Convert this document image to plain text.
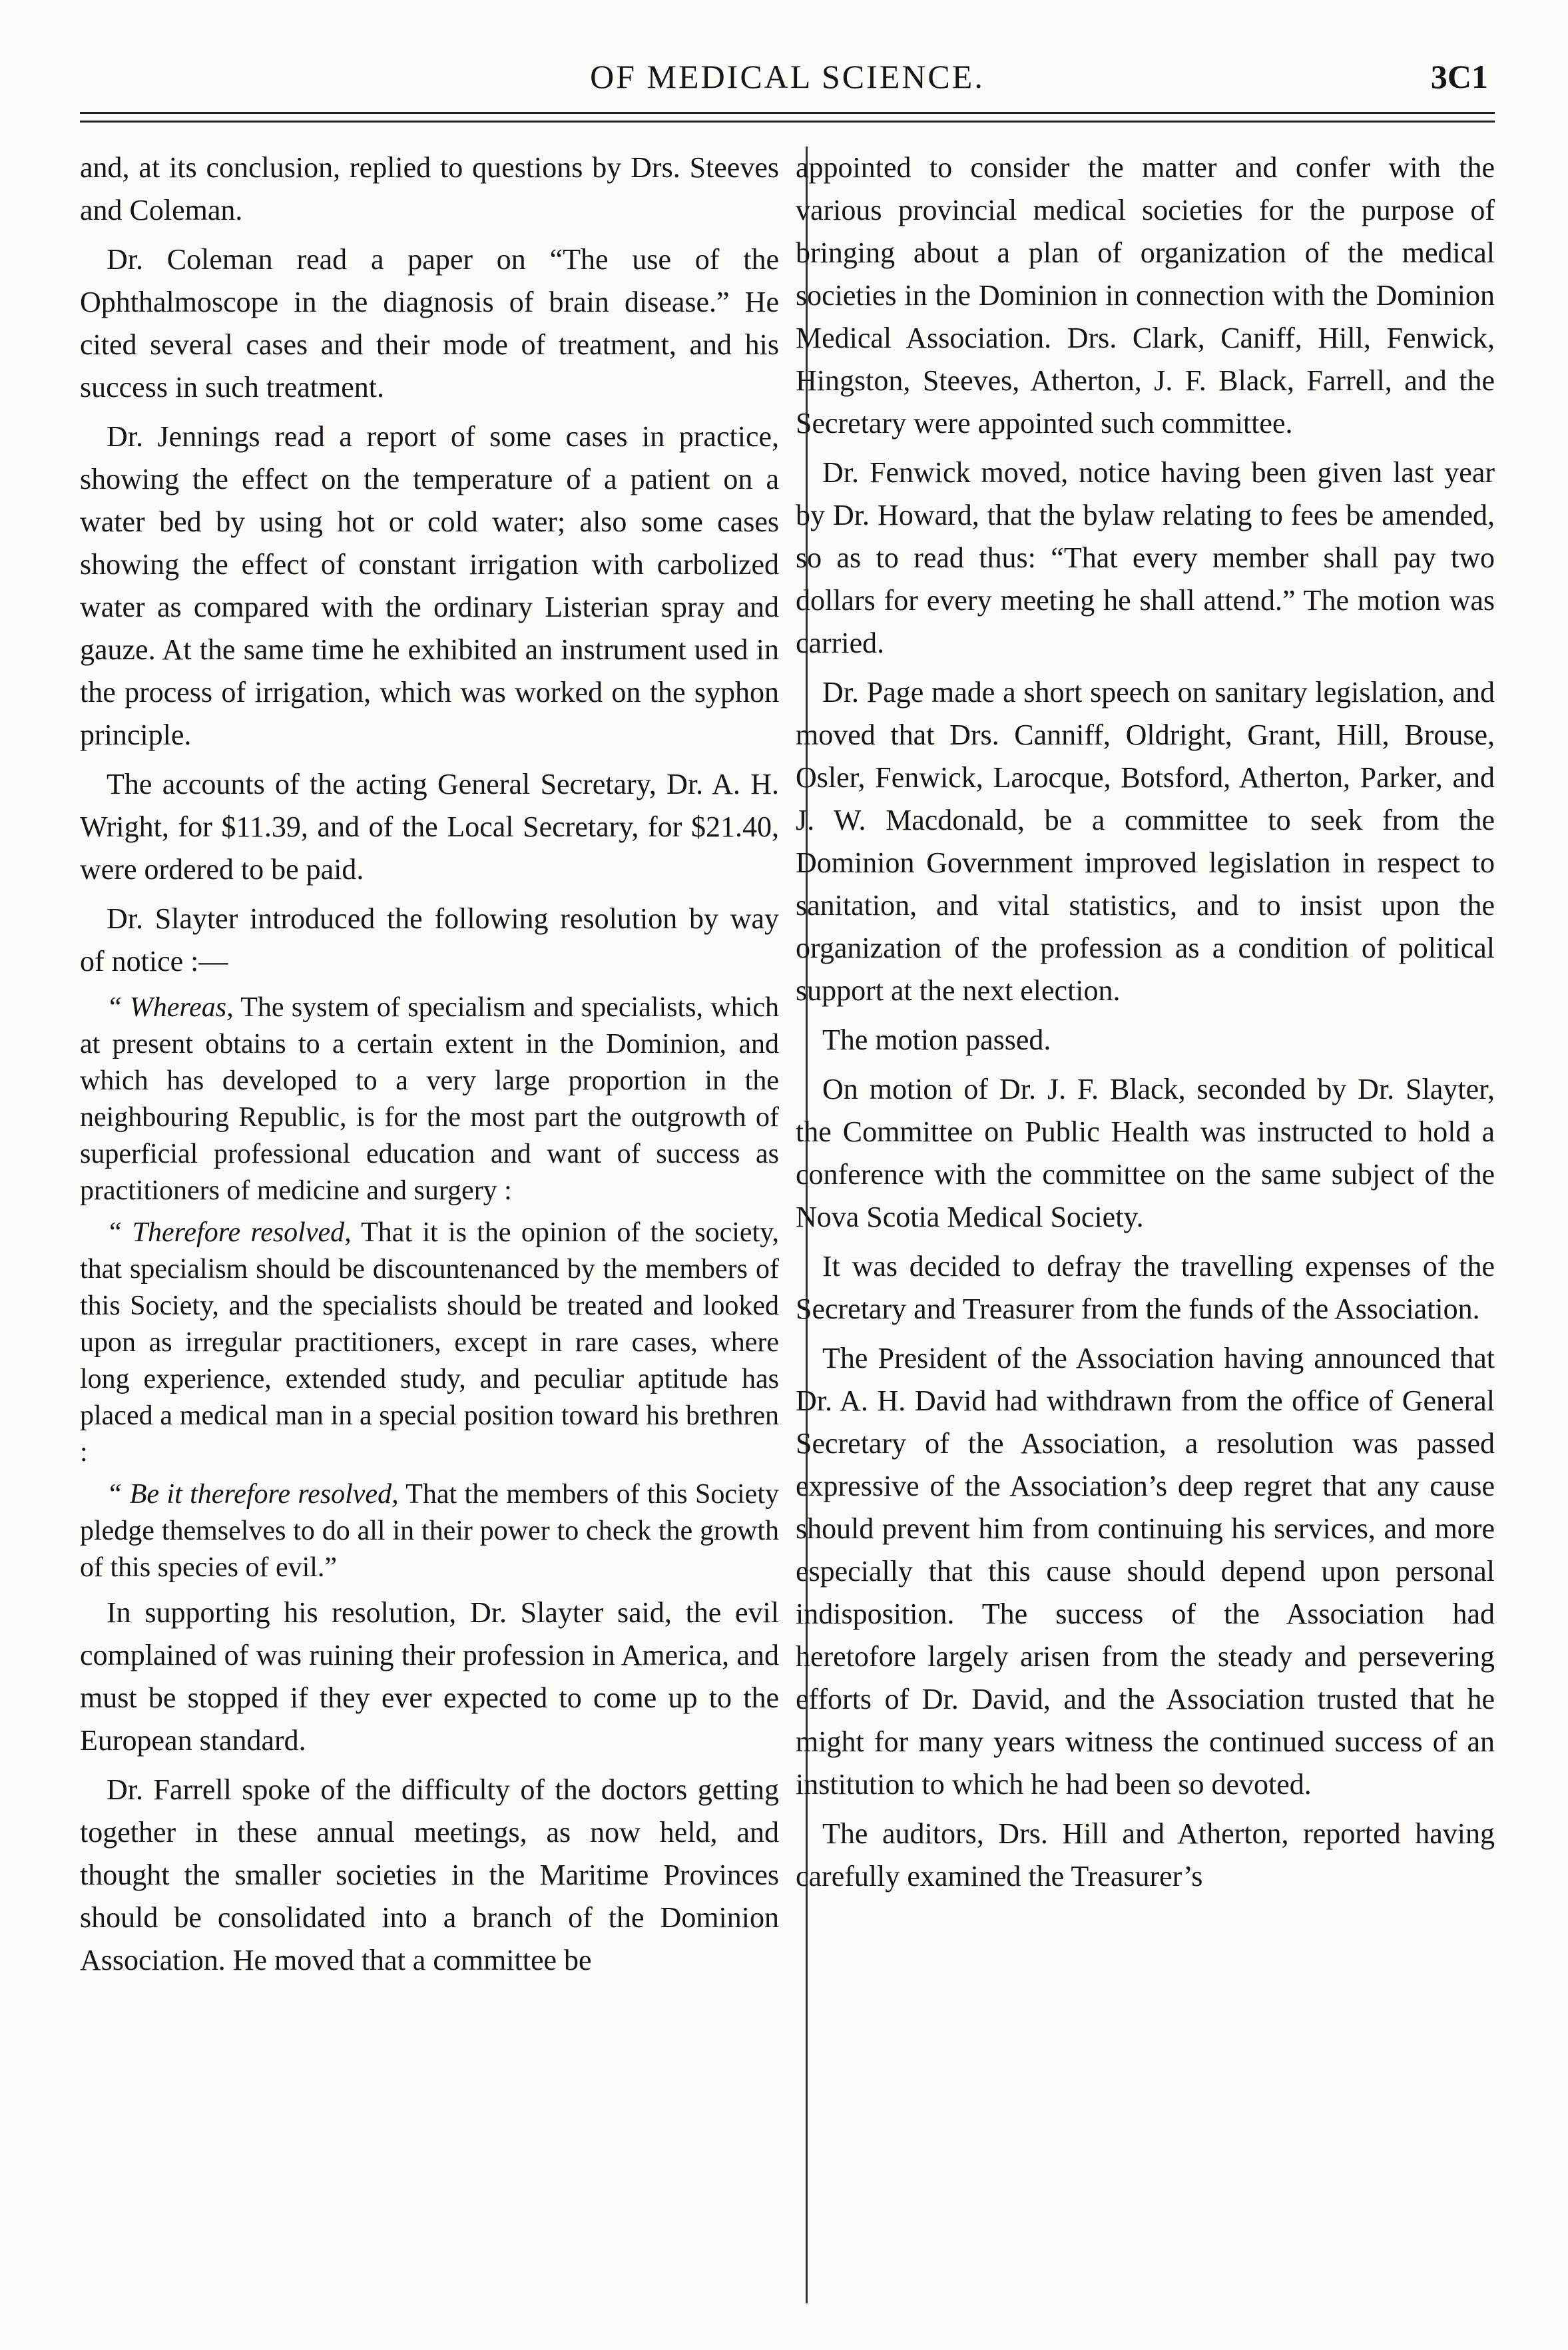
OF MEDICAL SCIENCE.	3C1

and, at its conclusion, replied to questions by Drs. Steeves and Coleman.

Dr. Coleman read a paper on “The use of the Ophthalmoscope in the diagnosis of brain disease.” He cited several cases and their mode of treatment, and his success in such treatment.

Dr. Jennings read a report of some cases in practice, showing the effect on the temperature of a patient on a water bed by using hot or cold water; also some cases showing the effect of constant irrigation with carbolized water as compared with the ordinary Listerian spray and gauze. At the same time he exhibited an instrument used in the process of irrigation, which was worked on the syphon principle.

The accounts of the acting General Secretary, Dr. A. H. Wright, for $11.39, and of the Local Secretary, for $21.40, were ordered to be paid.

Dr. Slayter introduced the following resolution by way of notice :—

“ Whereas, The system of specialism and specialists, which at present obtains to a certain extent in the Dominion, and which has developed to a very large proportion in the neighbouring Republic, is for the most part the outgrowth of superficial professional education and want of success as practitioners of medicine and surgery :

“ Therefore resolved, That it is the opinion of the society, that specialism should be discountenanced by the members of this Society, and the specialists should be treated and looked upon as irregular practitioners, except in rare cases, where long experience, extended study, and peculiar aptitude has placed a medical man in a special position toward his brethren :

“ Be it therefore resolved, That the members of this Society pledge themselves to do all in their power to check the growth of this species of evil.”

In supporting his resolution, Dr. Slayter said, the evil complained of was ruining their profession in America, and must be stopped if they ever expected to come up to the European standard.

Dr. Farrell spoke of the difficulty of the doctors getting together in these annual meetings, as now held, and thought the smaller societies in the Maritime Provinces should be consolidated into a branch of the Dominion Association. He moved that a committee be

appointed to consider the matter and confer with the various provincial medical societies for the purpose of bringing about a plan of organization of the medical societies in the Dominion in connection with the Dominion Medical Association. Drs. Clark, Caniff, Hill, Fenwick, Hingston, Steeves, Atherton, J. F. Black, Farrell, and the Secretary were appointed such committee.

Dr. Fenwick moved, notice having been given last year by Dr. Howard, that the bylaw relating to fees be amended, so as to read thus: “That every member shall pay two dollars for every meeting he shall attend.” The motion was carried.

Dr. Page made a short speech on sanitary legislation, and moved that Drs. Canniff, Oldright, Grant, Hill, Brouse, Osler, Fenwick, Larocque, Botsford, Atherton, Parker, and J. W. Macdonald, be a committee to seek from the Dominion Government improved legislation in respect to sanitation, and vital statistics, and to insist upon the organization of the profession as a condition of political support at the next election.

The motion passed.

On motion of Dr. J. F. Black, seconded by Dr. Slayter, the Committee on Public Health was instructed to hold a conference with the committee on the same subject of the Nova Scotia Medical Society.

It was decided to defray the travelling expenses of the Secretary and Treasurer from the funds of the Association.

The President of the Association having announced that Dr. A. H. David had withdrawn from the office of General Secretary of the Association, a resolution was passed expressive of the Association’s deep regret that any cause should prevent him from continuing his services, and more especially that this cause should depend upon personal indisposition. The success of the Association had heretofore largely arisen from the steady and persevering efforts of Dr. David, and the Association trusted that he might for many years witness the continued success of an institution to which he had been so devoted.

The auditors, Drs. Hill and Atherton, reported having carefully examined the Treasurer’s
